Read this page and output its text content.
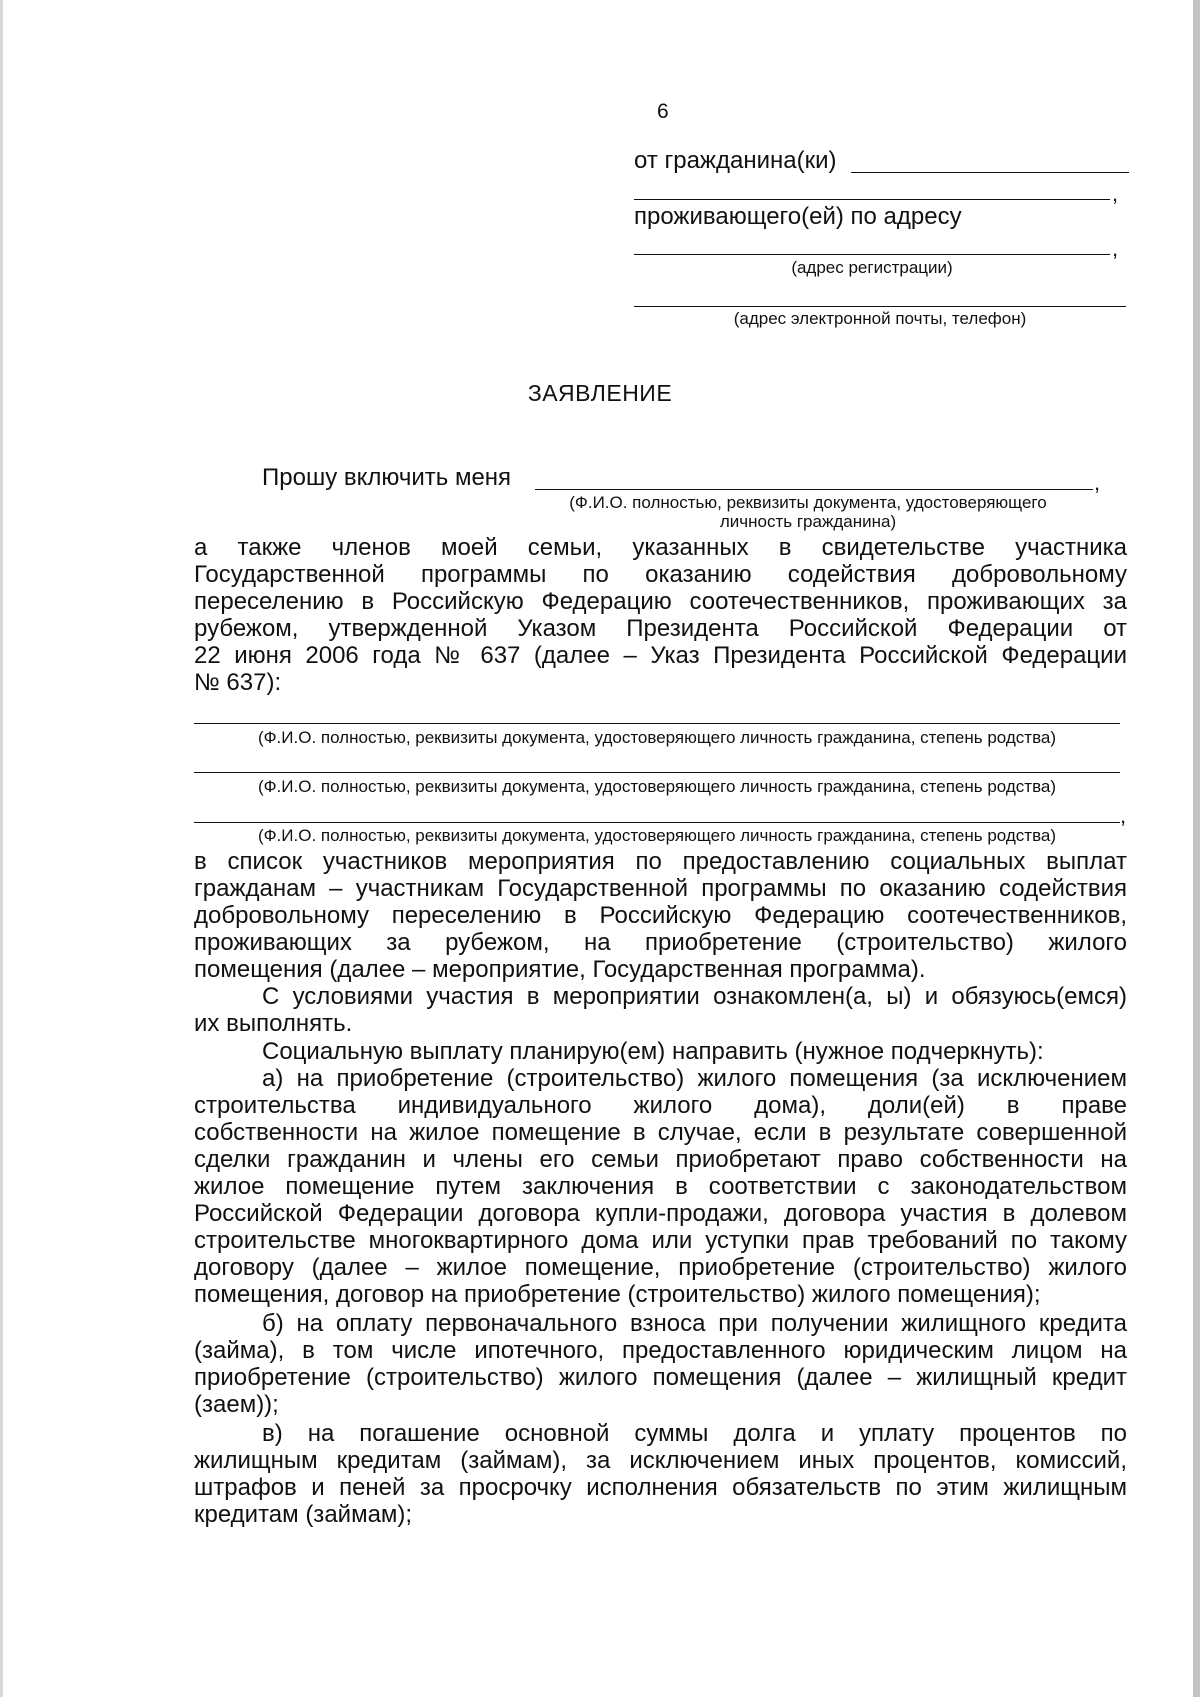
6
от гражданина(ки)
,
проживающего(ей) по адресу
,
(адрес регистрации)
(адрес электронной почты, телефон)
ЗАЯВЛЕНИЕ
Прошу включить меня	,
(Ф.И.О. полностью, реквизиты документа, удостоверяющего
личность гражданина)
а также членов моей семьи, указанных в свидетельстве участника
Государственной программы по оказанию содействия добровольному
переселению в Российскую Федерацию соотечественников, проживающих за
рубежом, утвержденной Указом Президента Российской Федерации от
22 июня 2006 года № 637 (далее – Указ Президента Российской Федерации
№ 637):
(Ф.И.О. полностью, реквизиты документа, удостоверяющего личность гражданина, степень родства)
(Ф.И.О. полностью, реквизиты документа, удостоверяющего личность гражданина, степень родства)
,
(Ф.И.О. полностью, реквизиты документа, удостоверяющего личность гражданина, степень родства)
в список участников мероприятия по предоставлению социальных выплат
гражданам – участникам Государственной программы по оказанию содействия
добровольному переселению в Российскую Федерацию соотечественников,
проживающих за рубежом, на приобретение (строительство) жилого
помещения (далее – мероприятие, Государственная программа).
С условиями участия в мероприятии ознакомлен(а, ы) и обязуюсь(емся)
их выполнять.
Социальную выплату планирую(ем) направить (нужное подчеркнуть):
а) на приобретение (строительство) жилого помещения (за исключением
строительства индивидуального жилого дома), доли(ей) в праве
собственности на жилое помещение в случае, если в результате совершенной
сделки гражданин и члены его семьи приобретают право собственности на
жилое помещение путем заключения в соответствии с законодательством
Российской Федерации договора купли-продажи, договора участия в долевом
строительстве многоквартирного дома или уступки прав требований по такому
договору (далее – жилое помещение, приобретение (строительство) жилого
помещения, договор на приобретение (строительство) жилого помещения);
б) на оплату первоначального взноса при получении жилищного кредита
(займа), в том числе ипотечного, предоставленного юридическим лицом на
приобретение (строительство) жилого помещения (далее – жилищный кредит
(заем));
в) на погашение основной суммы долга и уплату процентов по
жилищным кредитам (займам), за исключением иных процентов, комиссий,
штрафов и пеней за просрочку исполнения обязательств по этим жилищным
кредитам (займам);
